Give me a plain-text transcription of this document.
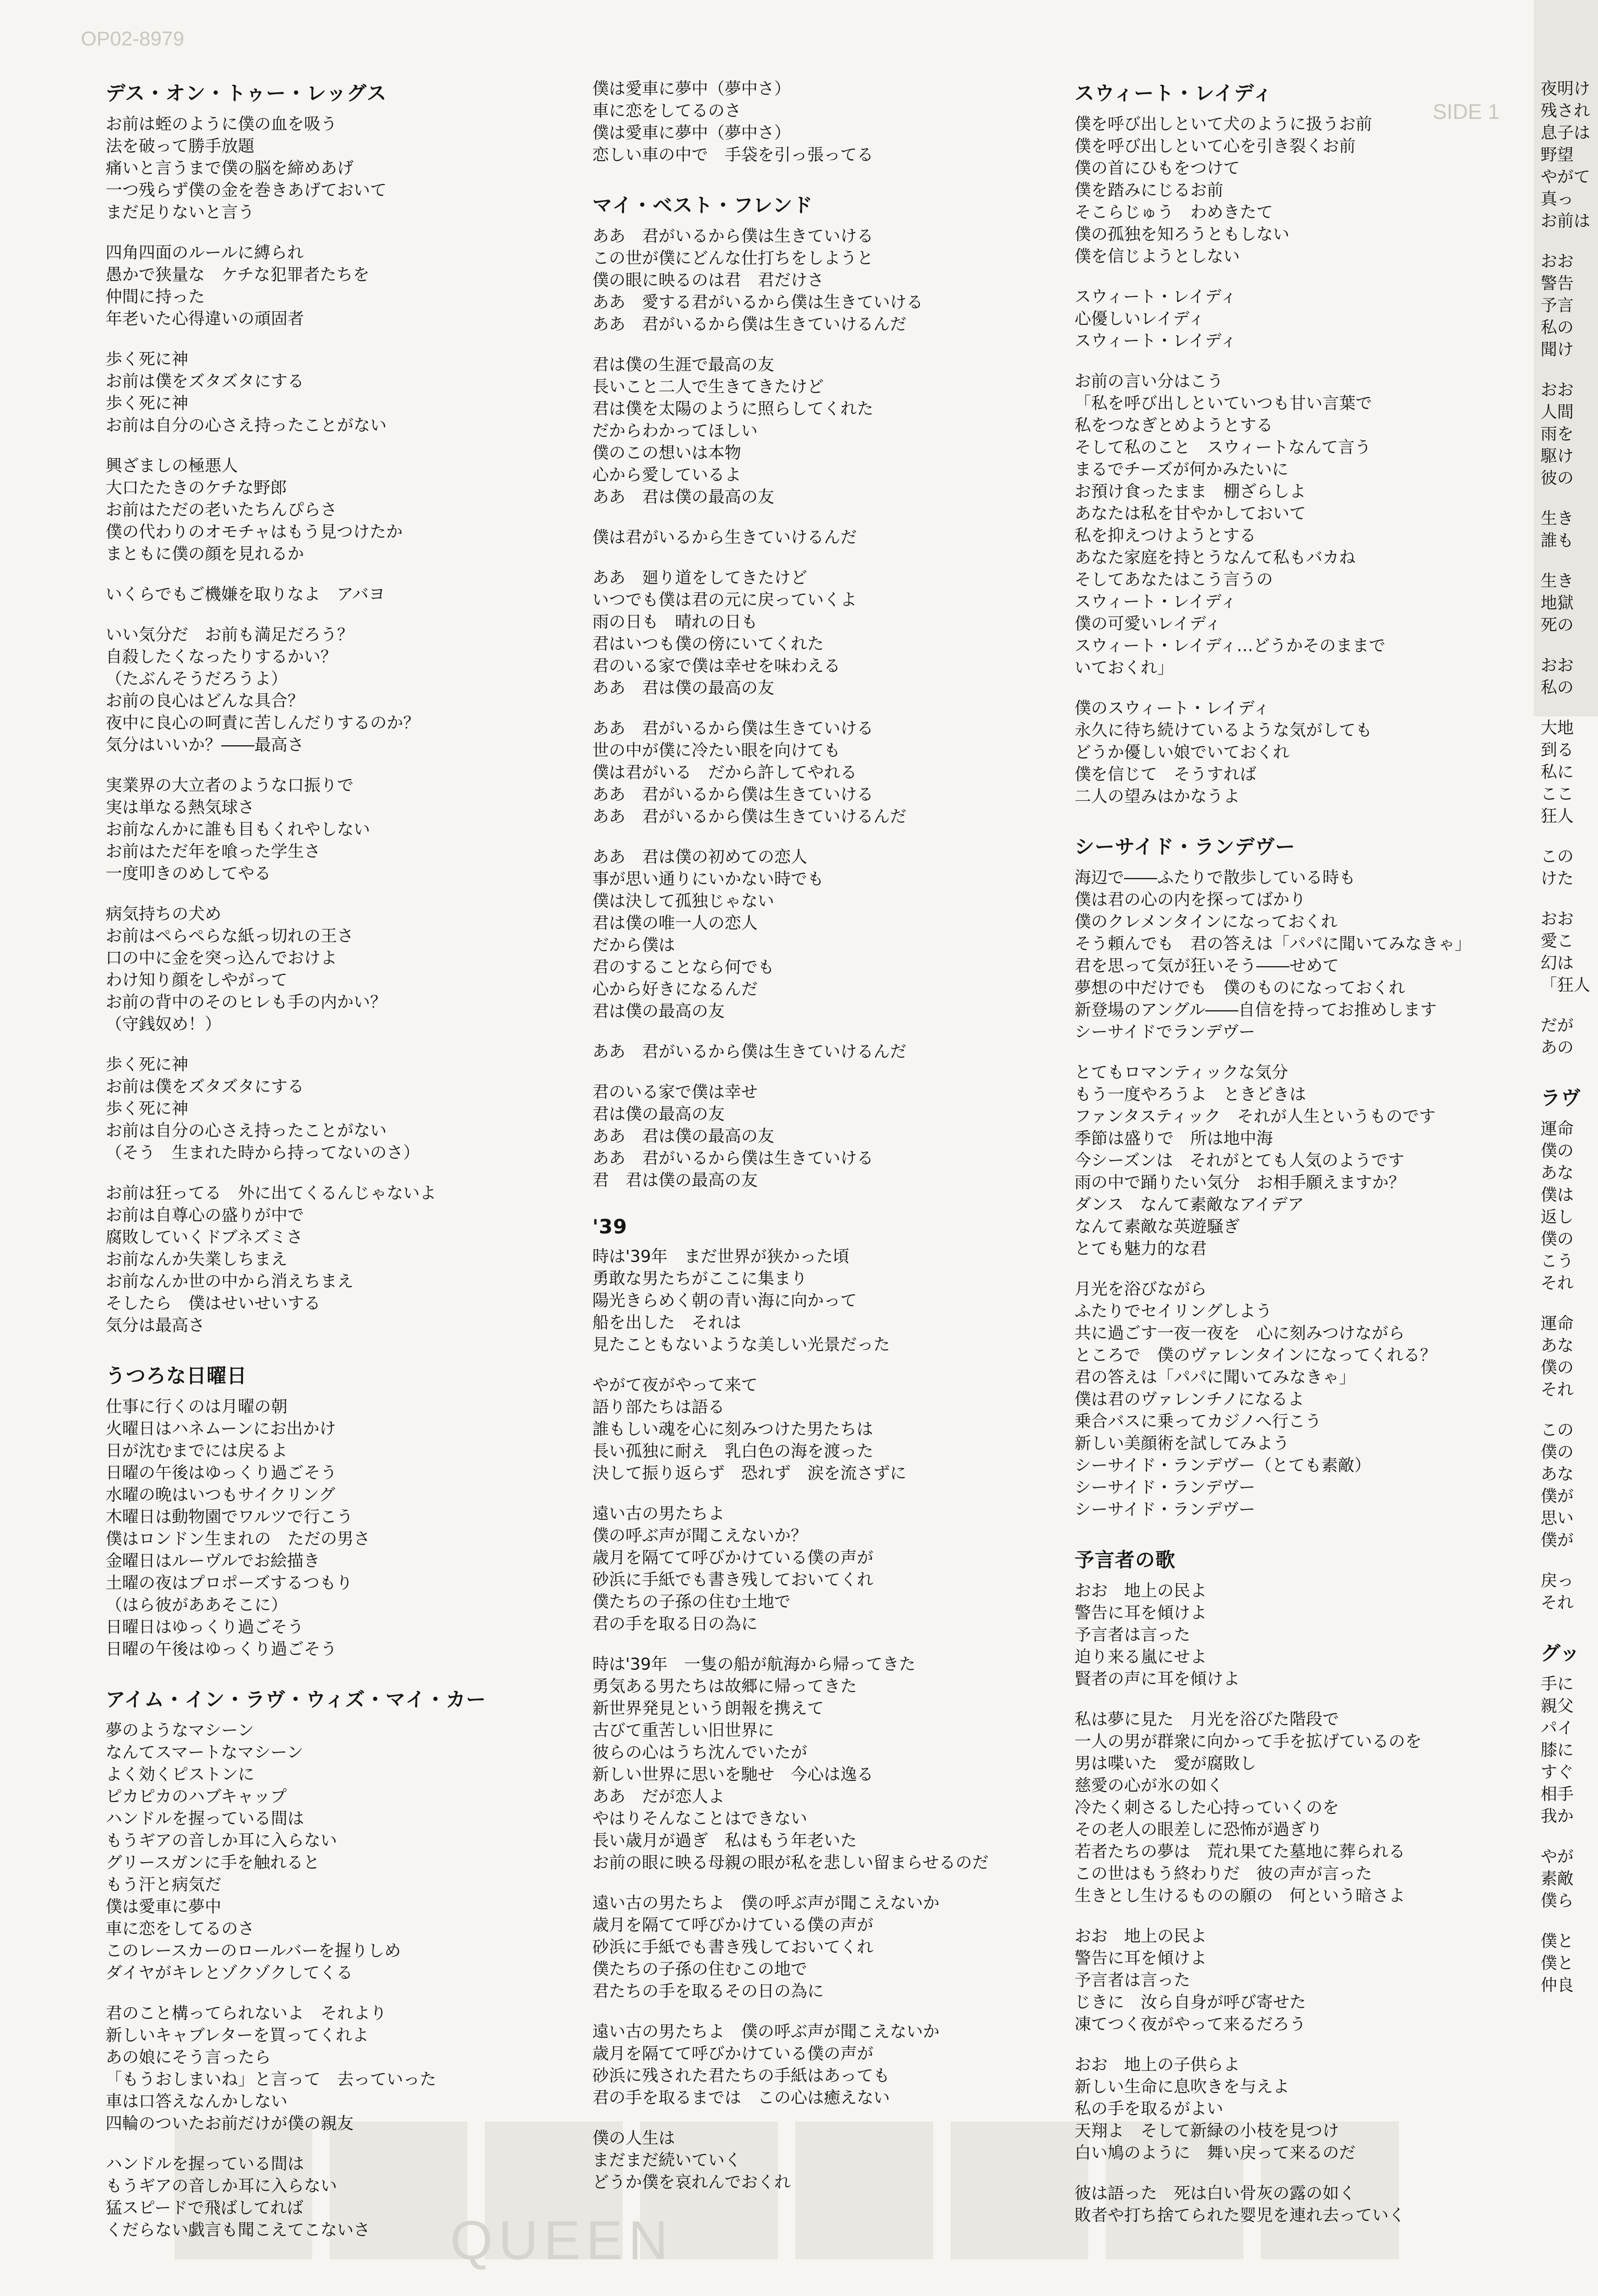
OP02-8979
SIDE 1
QUEEN
デス・オン・トゥー・レッグス
お前は蛭のように僕の血を吸う
法を破って勝手放題
痛いと言うまで僕の脳を締めあげ
一つ残らず僕の金を巻きあげておいて
まだ足りないと言う
四角四面のルールに縛られ
愚かで狭量な　ケチな犯罪者たちを
仲間に持った
年老いた心得違いの頑固者
歩く死に神
お前は僕をズタズタにする
歩く死に神
お前は自分の心さえ持ったことがない
興ざましの極悪人
大口たたきのケチな野郎
お前はただの老いたちんぴらさ
僕の代わりのオモチャはもう見つけたか
まともに僕の顔を見れるか
いくらでもご機嫌を取りなよ　アバヨ
いい気分だ　お前も満足だろう？
自殺したくなったりするかい？
（たぶんそうだろうよ）
お前の良心はどんな具合？
夜中に良心の呵責に苦しんだりするのか？
気分はいいか？――最高さ
実業界の大立者のような口振りで
実は単なる熱気球さ
お前なんかに誰も目もくれやしない
お前はただ年を喰った学生さ
一度叩きのめしてやる
病気持ちの犬め
お前はペらぺらな紙っ切れの王さ
口の中に金を突っ込んでおけよ
わけ知り顔をしやがって
お前の背中のそのヒレも手の内かい？
（守銭奴め！）
歩く死に神
お前は僕をズタズタにする
歩く死に神
お前は自分の心さえ持ったことがない
（そう　生まれた時から持ってないのさ）
お前は狂ってる　外に出てくるんじゃないよ
お前は自尊心の盛りが中で
腐敗していくドブネズミさ
お前なんか失業しちまえ
お前なんか世の中から消えちまえ
そしたら　僕はせいせいする
気分は最高さ
うつろな日曜日
仕事に行くのは月曜の朝
火曜日はハネムーンにお出かけ
日が沈むまでには戻るよ
日曜の午後はゆっくり過ごそう
水曜の晩はいつもサイクリング
木曜日は動物園でワルツで行こう
僕はロンドン生まれの　ただの男さ
金曜日はルーヴルでお絵描き
土曜の夜はプロポーズするつもり
（はら彼がああそこに）
日曜日はゆっくり過ごそう
日曜の午後はゆっくり過ごそう
アイム・イン・ラヴ・ウィズ・マイ・カー
夢のようなマシーン
なんてスマートなマシーン
よく効くピストンに
ピカピカのハブキャップ
ハンドルを握っている間は
もうギアの音しか耳に入らない
グリースガンに手を触れると
もう汗と病気だ
僕は愛車に夢中
車に恋をしてるのさ
このレースカーのロールバーを握りしめ
ダイヤがキレとゾクゾクしてくる
君のこと構ってられないよ　それより
新しいキャブレターを買ってくれよ
あの娘にそう言ったら
「もうおしまいね」と言って　去っていった
車は口答えなんかしない
四輪のついたお前だけが僕の親友
ハンドルを握っている間は
もうギアの音しか耳に入らない
猛スピードで飛ばしてれば
くだらない戯言も聞こえてこないさ
僕は愛車に夢中（夢中さ）
車に恋をしてるのさ
僕は愛車に夢中（夢中さ）
恋しい車の中で　手袋を引っ張ってる
マイ・ベスト・フレンド
ああ　君がいるから僕は生きていける
この世が僕にどんな仕打ちをしようと
僕の眼に映るのは君　君だけさ
ああ　愛する君がいるから僕は生きていける
ああ　君がいるから僕は生きていけるんだ
君は僕の生涯で最高の友
長いこと二人で生きてきたけど
君は僕を太陽のように照らしてくれた
だからわかってほしい
僕のこの想いは本物
心から愛しているよ
ああ　君は僕の最高の友
僕は君がいるから生きていけるんだ
ああ　廻り道をしてきたけど
いつでも僕は君の元に戻っていくよ
雨の日も　晴れの日も
君はいつも僕の傍にいてくれた
君のいる家で僕は幸せを味わえる
ああ　君は僕の最高の友
ああ　君がいるから僕は生きていける
世の中が僕に冷たい眼を向けても
僕は君がいる　だから許してやれる
ああ　君がいるから僕は生きていける
ああ　君がいるから僕は生きていけるんだ
ああ　君は僕の初めての恋人
事が思い通りにいかない時でも
僕は決して孤独じゃない
君は僕の唯一人の恋人
だから僕は
君のすることなら何でも
心から好きになるんだ
君は僕の最高の友
ああ　君がいるから僕は生きていけるんだ
君のいる家で僕は幸せ
君は僕の最高の友
ああ　君は僕の最高の友
ああ　君がいるから僕は生きていける
君　君は僕の最高の友
'39
時は'39年　まだ世界が狭かった頃
勇敢な男たちがここに集まり
陽光きらめく朝の青い海に向かって
船を出した　それは
見たこともないような美しい光景だった
やがて夜がやって来て
語り部たちは語る
誰もしい魂を心に刻みつけた男たちは
長い孤独に耐え　乳白色の海を渡った
決して振り返らず　恐れず　涙を流さずに
遠い古の男たちよ
僕の呼ぶ声が聞こえないか？
歳月を隔てて呼びかけている僕の声が
砂浜に手紙でも書き残しておいてくれ
僕たちの子孫の住む土地で
君の手を取る日の為に
時は'39年　一隻の船が航海から帰ってきた
勇気ある男たちは故郷に帰ってきた
新世界発見という朗報を携えて
古びて重苦しい旧世界に
彼らの心はうち沈んでいたが
新しい世界に思いを馳せ　今心は逸る
ああ　だが恋人よ
やはりそんなことはできない
長い歳月が過ぎ　私はもう年老いた
お前の眼に映る母親の眼が私を悲しい留まらせるのだ
遠い古の男たちよ　僕の呼ぶ声が聞こえないか
歳月を隔てて呼びかけている僕の声が
砂浜に手紙でも書き残しておいてくれ
僕たちの子孫の住むこの地で
君たちの手を取るその日の為に
遠い古の男たちよ　僕の呼ぶ声が聞こえないか
歳月を隔てて呼びかけている僕の声が
砂浜に残された君たちの手紙はあっても
君の手を取るまでは　この心は癒えない
僕の人生は
まだまだ続いていく
どうか僕を哀れんでおくれ
スウィート・レイディ
僕を呼び出しといて犬のように扱うお前
僕を呼び出しといて心を引き裂くお前
僕の首にひもをつけて
僕を踏みにじるお前
そこらじゅう　わめきたて
僕の孤独を知ろうともしない
僕を信じようとしない
スウィート・レイディ
心優しいレイディ
スウィート・レイディ
お前の言い分はこう
「私を呼び出しといていつも甘い言葉で
私をつなぎとめようとする
そして私のこと　スウィートなんて言う
まるでチーズが何かみたいに
お預け食ったまま　棚ざらしよ
あなたは私を甘やかしておいて
私を抑えつけようとする
あなた家庭を持とうなんて私もバカね
そしてあなたはこう言うの
スウィート・レイディ
僕の可愛いレイディ
スウィート・レイディ…どうかそのままで
いておくれ」
僕のスウィート・レイディ
永久に待ち続けているような気がしても
どうか優しい娘でいておくれ
僕を信じて　そうすれば
二人の望みはかなうよ
シーサイド・ランデヴー
海辺で――ふたりで散歩している時も
僕は君の心の内を探ってばかり
僕のクレメンタインになっておくれ
そう頼んでも　君の答えは「パパに聞いてみなきゃ」
君を思って気が狂いそう――せめて
夢想の中だけでも　僕のものになっておくれ
新登場のアングル――自信を持ってお推めします
シーサイドでランデヴー
とてもロマンティックな気分
もう一度やろうよ　ときどきは
ファンタスティック　それが人生というものです
季節は盛りで　所は地中海
今シーズンは　それがとても人気のようです
雨の中で踊りたい気分　お相手願えますか？
ダンス　なんて素敵なアイデア
なんて素敵な英遊騒ぎ
とても魅力的な君
月光を浴びながら
ふたりでセイリングしよう
共に過ごす一夜一夜を　心に刻みつけながら
ところで　僕のヴァレンタインになってくれる？
君の答えは「パパに聞いてみなきゃ」
僕は君のヴァレンチノになるよ
乗合バスに乗ってカジノへ行こう
新しい美顔術を試してみよう
シーサイド・ランデヴー（とても素敵）
シーサイド・ランデヴー
シーサイド・ランデヴー
予言者の歌
おお　地上の民よ
警告に耳を傾けよ
予言者は言った
迫り来る嵐にせよ
賢者の声に耳を傾けよ
私は夢に見た　月光を浴びた階段で
一人の男が群衆に向かって手を拡げているのを
男は喋いた　愛が腐敗し
慈愛の心が氷の如く
冷たく刺さるした心持っていくのを
その老人の眼差しに恐怖が過ぎり
若者たちの夢は　荒れ果てた墓地に葬られる
この世はもう終わりだ　彼の声が言った
生きとし生けるものの願の　何という暗さよ
おお　地上の民よ
警告に耳を傾けよ
予言者は言った
じきに　汝ら自身が呼び寄せた
凍てつく夜がやって来るだろう
おお　地上の子供らよ
新しい生命に息吹きを与えよ
私の手を取るがよい
天翔よ　そして新緑の小枝を見つけ
白い鳩のように　舞い戻って来るのだ
彼は語った　死は白い骨灰の露の如く
敗者や打ち捨てられた婴児を連れ去っていく
夜明け
残され
息子は
野望
やがて
真っ
お前は
おお
警告
予言
私の
聞け
おお
人間
雨を
駆け
彼の
生き
誰も
生き
地獄
死の
おお
私の
大地
到る
私に
ここ
狂人
この
けた
おお
愛こ
幻は
「狂人
だが
あの
ラヴ
運命
僕の
あな
僕は
返し
僕の
こう
それ
運命
あな
僕の
それ
この
僕の
あな
僕が
思い
僕が
戻っ
それ
グッ
手に
親父
パイ
膝に
すぐ
相手
我か
やが
素敵
僕ら
僕と
僕と
仲良
